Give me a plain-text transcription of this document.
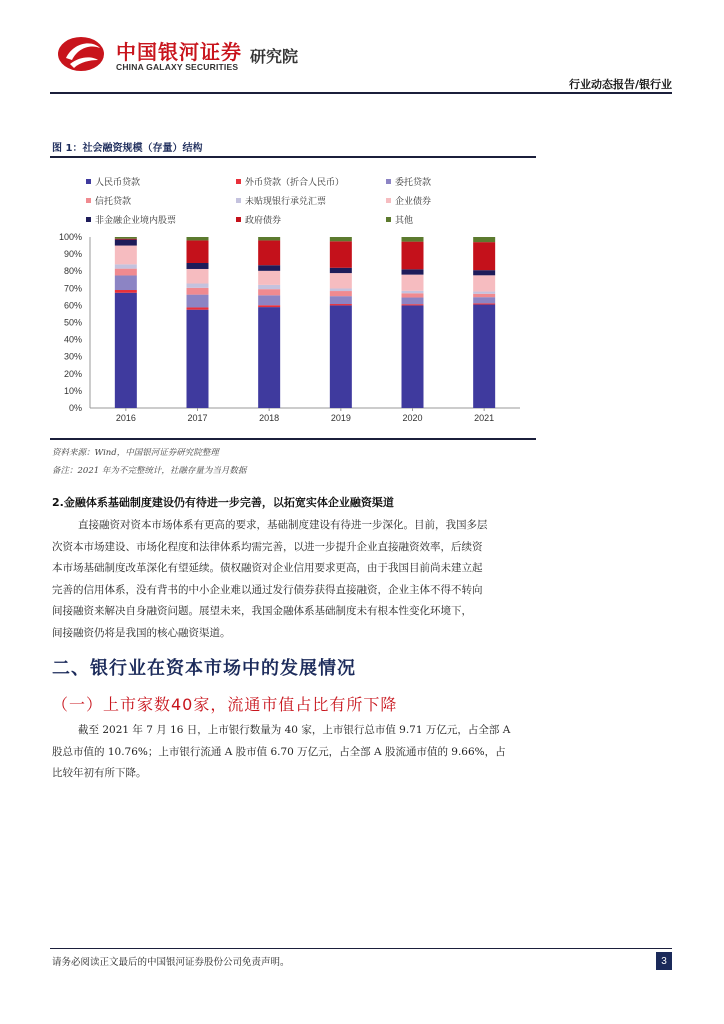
中国银河证券
CHINA GALAXY SECURITIES
研究院
行业动态报告/银行业
图 1：社会融资规模（存量）结构
人民币贷款	外币贷款（折合人民币）	委托贷款
信托贷款	未贴现银行承兑汇票	企业债券
非金融企业境内股票	政府债券	其他
0%
10%
20%
30%
40%
50%
60%
70%
80%
90%
100%
2016	2017	2018	2019	2020	2021
资料来源：Wind，中国银河证券研究院整理
备注：2021 年为不完整统计，社融存量为当月数据
2.金融体系基础制度建设仍有待进一步完善，以拓宽实体企业融资渠道
直接融资对资本市场体系有更高的要求，基础制度建设有待进一步深化。目前，我国多层
次资本市场建设、市场化程度和法律体系均需完善，以进一步提升企业直接融资效率，后续资
本市场基础制度改革深化有望延续。债权融资对企业信用要求更高，由于我国目前尚未建立起
完善的信用体系，没有背书的中小企业难以通过发行债券获得直接融资，企业主体不得不转向
间接融资来解决自身融资问题。展望未来，我国金融体系基础制度未有根本性变化环境下，
间接融资仍将是我国的核心融资渠道。
二、银行业在资本市场中的发展情况
（一）上市家数40家，流通市值占比有所下降
截至 2021 年 7 月 16 日，上市银行数量为 40 家，上市银行总市值 9.71 万亿元，占全部 A
股总市值的 10.76%；上市银行流通 A 股市值 6.70 万亿元，占全部 A 股流通市值的 9.66%，占
比较年初有所下降。
请务必阅读正文最后的中国银河证券股份公司免责声明。	3
